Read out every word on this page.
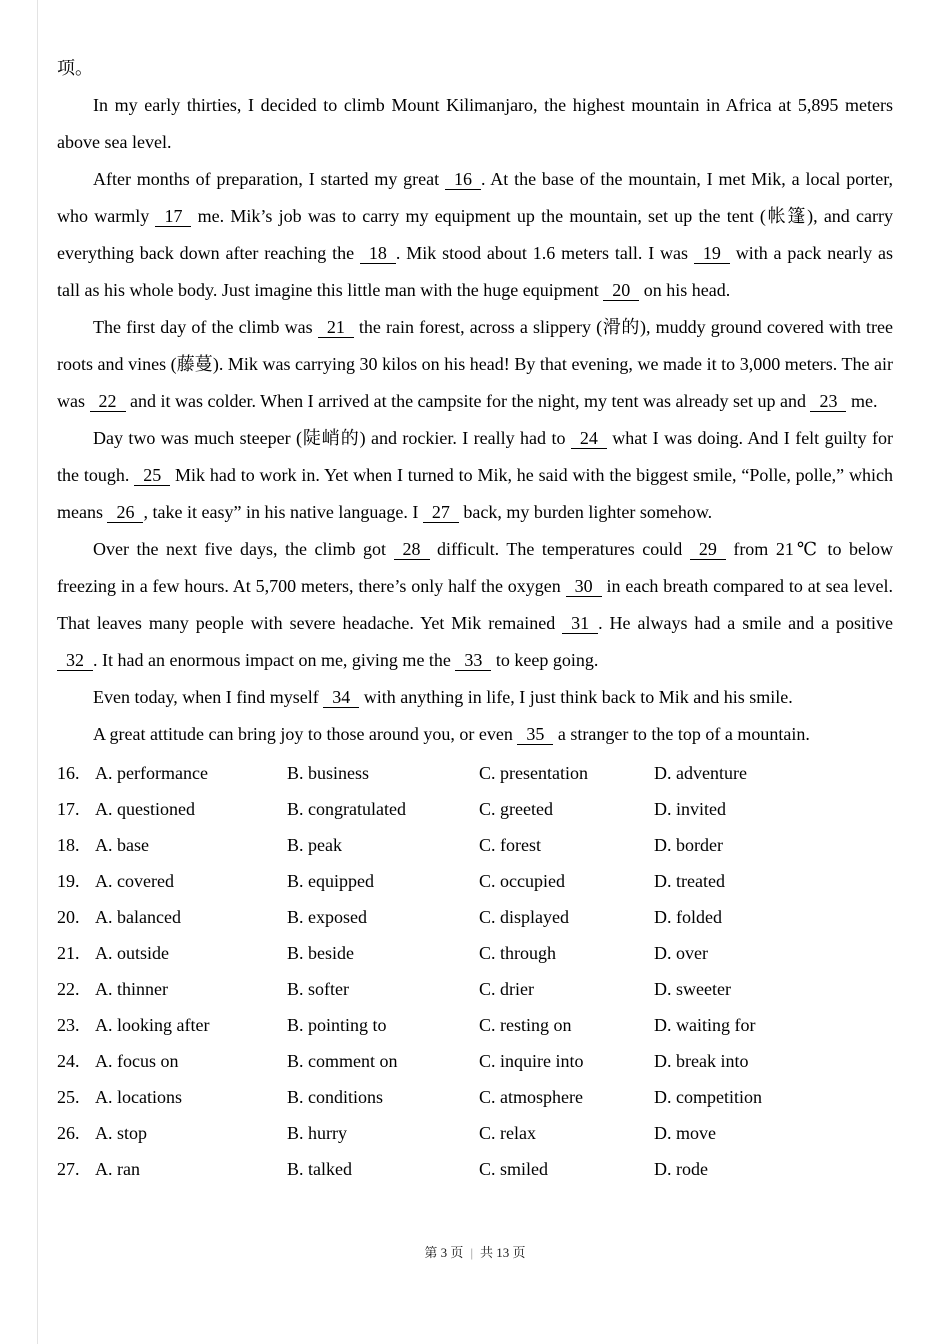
项。

In my early thirties, I decided to climb Mount Kilimanjaro, the highest mountain in Africa at 5,895 meters above sea level.

After months of preparation, I started my great 16 . At the base of the mountain, I met Mik, a local porter, who warmly 17 me. Mik’s job was to carry my equipment up the mountain, set up the tent (帐篷), and carry everything back down after reaching the 18 . Mik stood about 1.6 meters tall. I was 19 with a pack nearly as tall as his whole body. Just imagine this little man with the huge equipment 20 on his head.

The first day of the climb was 21 the rain forest, across a slippery (滑的), muddy ground covered with tree roots and vines (藤蔓). Mik was carrying 30 kilos on his head! By that evening, we made it to 3,000 meters. The air was 22 and it was colder. When I arrived at the campsite for the night, my tent was already set up and 23 me.

Day two was much steeper (陡峭的) and rockier. I really had to 24 what I was doing. And I felt guilty for the tough. 25 Mik had to work in. Yet when I turned to Mik, he said with the biggest smile, “Polle, polle,” which means 26 , take it easy” in his native language. I 27 back, my burden lighter somehow.

Over the next five days, the climb got 28 difficult. The temperatures could 29 from 21℃ to below freezing in a few hours. At 5,700 meters, there’s only half the oxygen 30 in each breath compared to at sea level. That leaves many people with severe headache. Yet Mik remained 31 . He always had a smile and a positive 32 . It had an enormous impact on me, giving me the 33 to keep going.

Even today, when I find myself 34 with anything in life, I just think back to Mik and his smile.

A great attitude can bring joy to those around you, or even 35 a stranger to the top of a mountain.

16. A. performance	B. business	C. presentation	D. adventure
17. A. questioned	B. congratulated	C. greeted	D. invited
18. A. base	B. peak	C. forest	D. border
19. A. covered	B. equipped	C. occupied	D. treated
20. A. balanced	B. exposed	C. displayed	D. folded
21. A. outside	B. beside	C. through	D. over
22. A. thinner	B. softer	C. drier	D. sweeter
23. A. looking after	B. pointing to	C. resting on	D. waiting for
24. A. focus on	B. comment on	C. inquire into	D. break into
25. A. locations	B. conditions	C. atmosphere	D. competition
26. A. stop	B. hurry	C. relax	D. move
27. A. ran	B. talked	C. smiled	D. rode
第 3 页 | 共 13 页
